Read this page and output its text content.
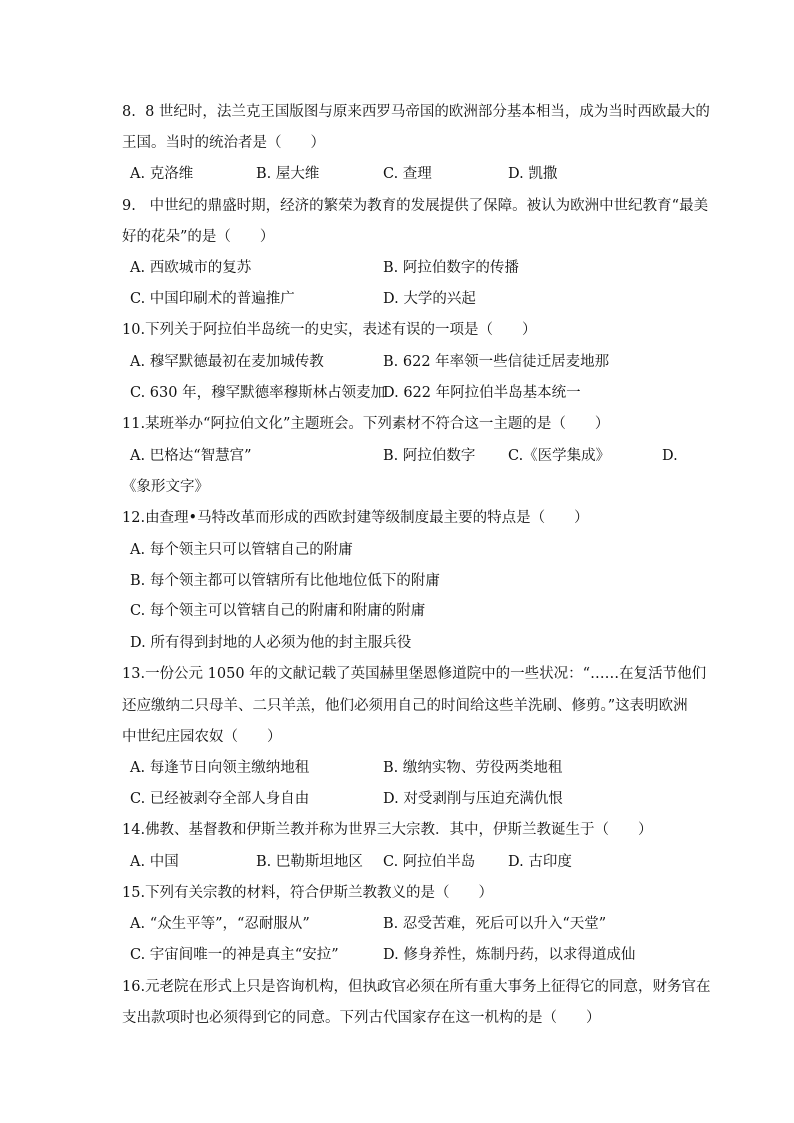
8. 8 世纪时，法兰克王国版图与原来西罗马帝国的欧洲部分基本相当，成为当时西欧最大的
王国。当时的统治者是（　　）
A. 克洛维	B. 屋大维	C. 查理	D. 凯撒
9. 中世纪的鼎盛时期，经济的繁荣为教育的发展提供了保障。被认为欧洲中世纪教育“最美
好的花朵”的是（　　）
A. 西欧城市的复苏	B. 阿拉伯数字的传播
C. 中国印刷术的普遍推广	D. 大学的兴起
10.下列关于阿拉伯半岛统一的史实，表述有误的一项是（　　）
A. 穆罕默德最初在麦加城传教	B. 622 年率领一些信徒迁居麦地那
C. 630 年，穆罕默德率穆斯林占领麦加
D. 622 年阿拉伯半岛基本统一
11.某班举办“阿拉伯文化”主题班会。下列素材不符合这一主题的是（　　）
A. 巴格达“智慧宫”	B. 阿拉伯数字 C.《医学集成》	D.
《象形文字》
12.由查理•马特改革而形成的西欧封建等级制度最主要的特点是（　　）
A. 每个领主只可以管辖自己的附庸
B. 每个领主都可以管辖所有比他地位低下的附庸
C. 每个领主可以管辖自己的附庸和附庸的附庸
D. 所有得到封地的人必须为他的封主服兵役
13.一份公元 1050 年的文献记载了英国赫里堡恩修道院中的一些状况：“……在复活节他们
还应缴纳二只母羊、二只羊羔，他们必须用自己的时间给这些羊洗刷、修剪。”这表明欧洲
中世纪庄园农奴（　　）
A. 每逢节日向领主缴纳地租	B. 缴纳实物、劳役两类地租
C. 已经被剥夺全部人身自由	D. 对受剥削与压迫充满仇恨
14.佛教、基督教和伊斯兰教并称为世界三大宗教．其中，伊斯兰教诞生于（　　）
A. 中国	B. 巴勒斯坦地区 C. 阿拉伯半岛 D. 古印度
15.下列有关宗教的材料，符合伊斯兰教教义的是（　　）
A. “众生平等”，“忍耐服从”	B. 忍受苦难，死后可以升入“天堂”
C. 宇宙间唯一的神是真主“安拉”	D. 修身养性，炼制丹药，以求得道成仙
16.元老院在形式上只是咨询机构，但执政官必须在所有重大事务上征得它的同意，财务官在
支出款项时也必须得到它的同意。下列古代国家存在这一机构的是（　　）
